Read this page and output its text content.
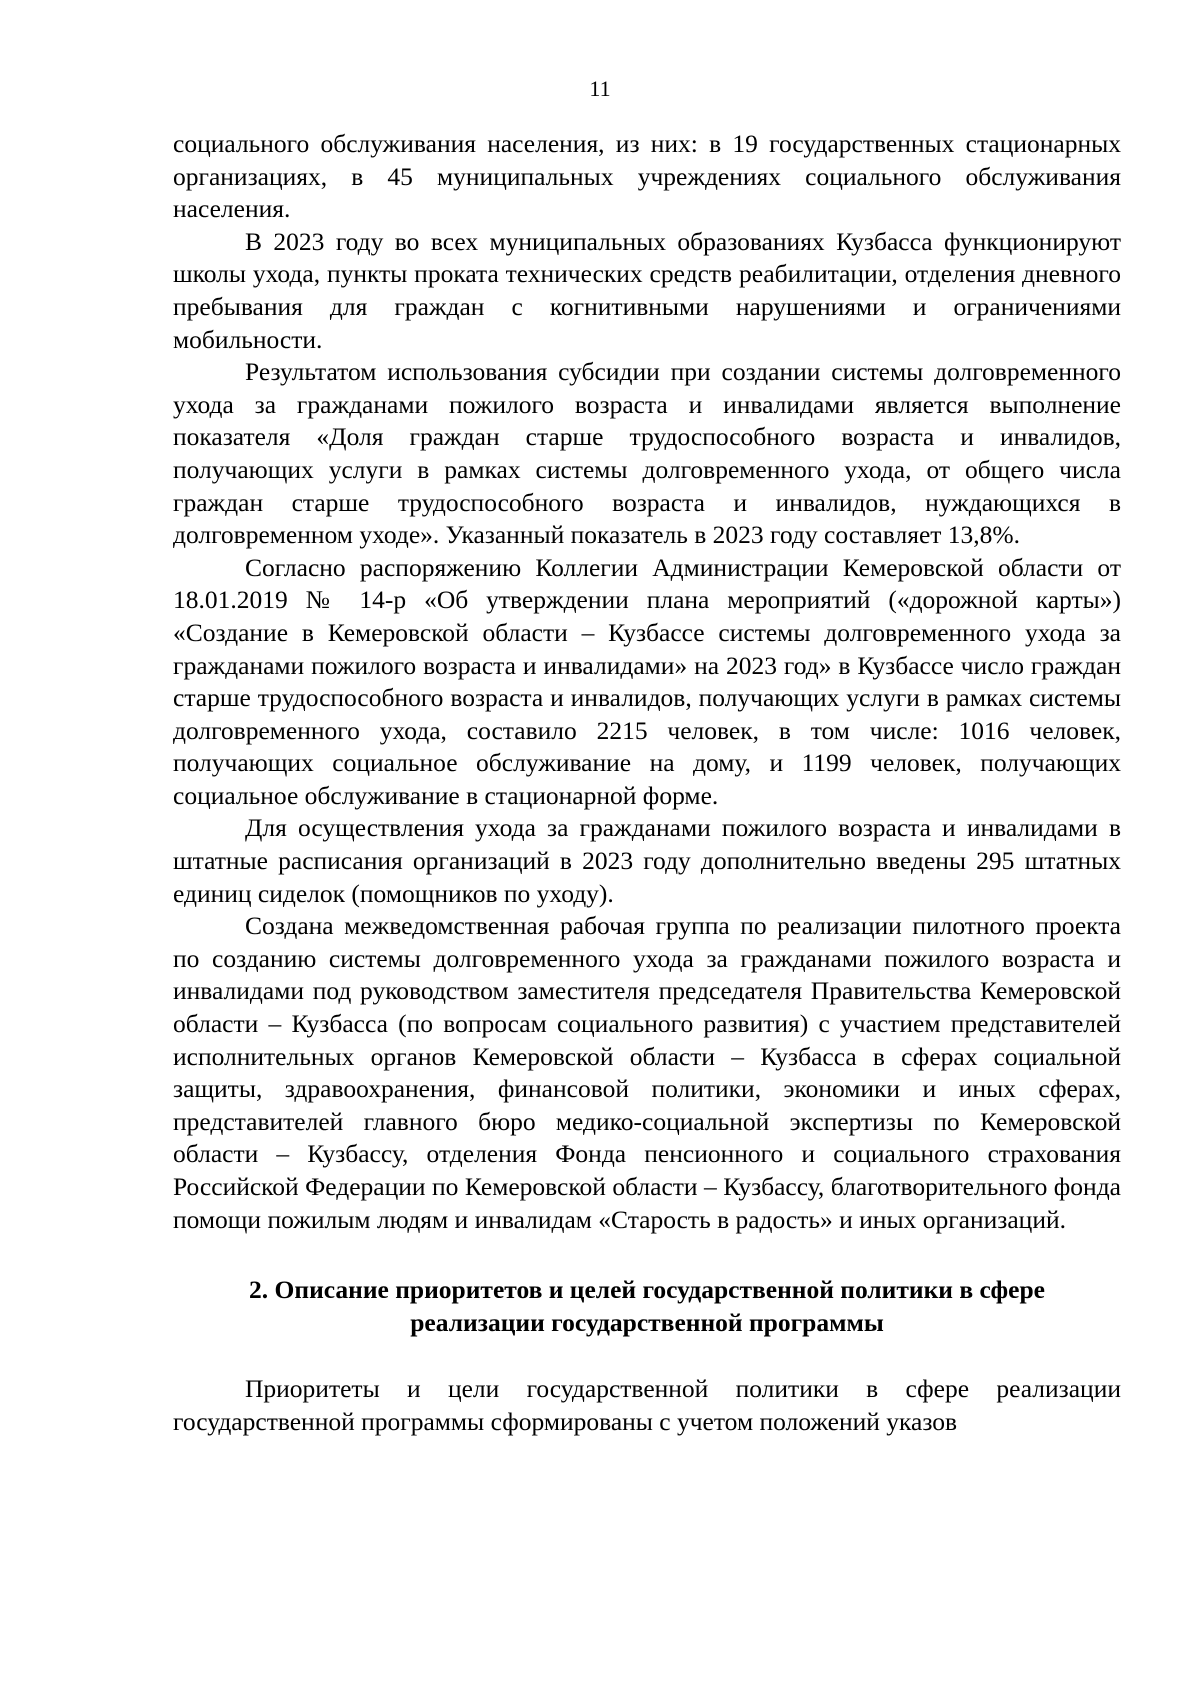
11

социального обслуживания населения, из них: в 19 государственных стационарных организациях, в 45 муниципальных учреждениях социального обслуживания населения.

В 2023 году во всех муниципальных образованиях Кузбасса функционируют школы ухода, пункты проката технических средств реабилитации, отделения дневного пребывания для граждан с когнитивными нарушениями и ограничениями мобильности.

Результатом использования субсидии при создании системы долговременного ухода за гражданами пожилого возраста и инвалидами является выполнение показателя «Доля граждан старше трудоспособного возраста и инвалидов, получающих услуги в рамках системы долговременного ухода, от общего числа граждан старше трудоспособного возраста и инвалидов, нуждающихся в долговременном уходе». Указанный показатель в 2023 году составляет 13,8%.

Согласно распоряжению Коллегии Администрации Кемеровской области от 18.01.2019 № 14-р «Об утверждении плана мероприятий («дорожной карты») «Создание в Кемеровской области – Кузбассе системы долговременного ухода за гражданами пожилого возраста и инвалидами» на 2023 год» в Кузбассе число граждан старше трудоспособного возраста и инвалидов, получающих услуги в рамках системы долговременного ухода, составило 2215 человек, в том числе: 1016 человек, получающих социальное обслуживание на дому, и 1199 человек, получающих социальное обслуживание в стационарной форме.

Для осуществления ухода за гражданами пожилого возраста и инвалидами в штатные расписания организаций в 2023 году дополнительно введены 295 штатных единиц сиделок (помощников по уходу).

Создана межведомственная рабочая группа по реализации пилотного проекта по созданию системы долговременного ухода за гражданами пожилого возраста и инвалидами под руководством заместителя председателя Правительства Кемеровской области – Кузбасса (по вопросам социального развития) с участием представителей исполнительных органов Кемеровской области – Кузбасса в сферах социальной защиты, здравоохранения, финансовой политики, экономики и иных сферах, представителей главного бюро медико-социальной экспертизы по Кемеровской области – Кузбассу, отделения Фонда пенсионного и социального страхования Российской Федерации по Кемеровской области – Кузбассу, благотворительного фонда помощи пожилым людям и инвалидам «Старость в радость» и иных организаций.

2. Описание приоритетов и целей государственной политики в сфере
реализации государственной программы

Приоритеты и цели государственной политики в сфере реализации государственной программы сформированы с учетом положений указов
